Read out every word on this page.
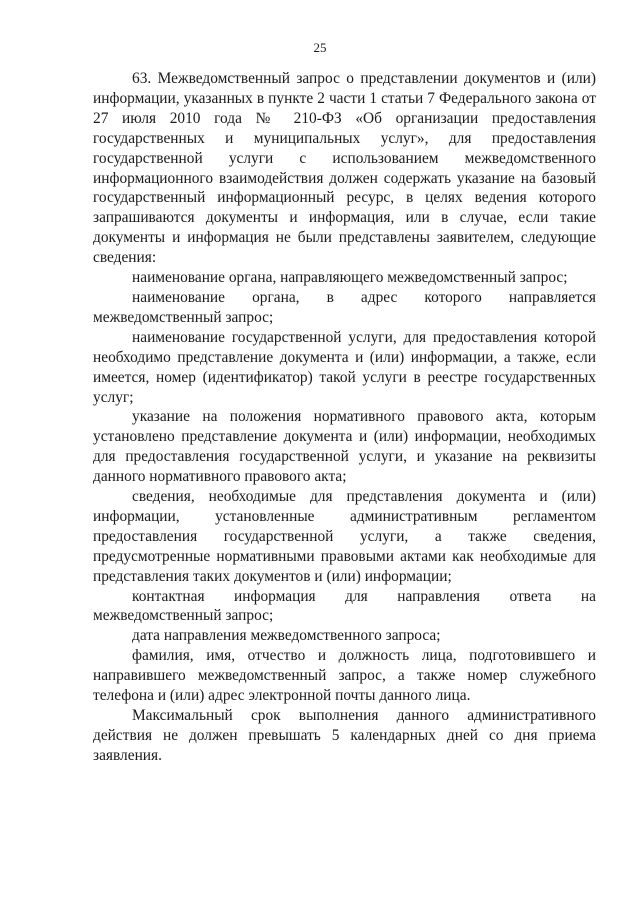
25

63. Межведомственный запрос о представлении документов и (или) информации, указанных в пункте 2 части 1 статьи 7 Федерального закона от 27 июля 2010 года № 210-ФЗ «Об организации предоставления государственных и муниципальных услуг», для предоставления государственной услуги с использованием межведомственного информационного взаимодействия должен содержать указание на базовый государственный информационный ресурс, в целях ведения которого запрашиваются документы и информация, или в случае, если такие документы и информация не были представлены заявителем, следующие сведения:

наименование органа, направляющего межведомственный запрос;

наименование органа, в адрес которого направляется межведомственный запрос;

наименование государственной услуги, для предоставления которой необходимо представление документа и (или) информации, а также, если имеется, номер (идентификатор) такой услуги в реестре государственных услуг;

указание на положения нормативного правового акта, которым установлено представление документа и (или) информации, необходимых для предоставления государственной услуги, и указание на реквизиты данного нормативного правового акта;

сведения, необходимые для представления документа и (или) информации, установленные административным регламентом предоставления государственной услуги, а также сведения, предусмотренные нормативными правовыми актами как необходимые для представления таких документов и (или) информации;

контактная информация для направления ответа на межведомственный запрос;

дата направления межведомственного запроса;

фамилия, имя, отчество и должность лица, подготовившего и направившего межведомственный запрос, а также номер служебного телефона и (или) адрес электронной почты данного лица.

Максимальный срок выполнения данного административного действия не должен превышать 5 календарных дней со дня приема заявления.
